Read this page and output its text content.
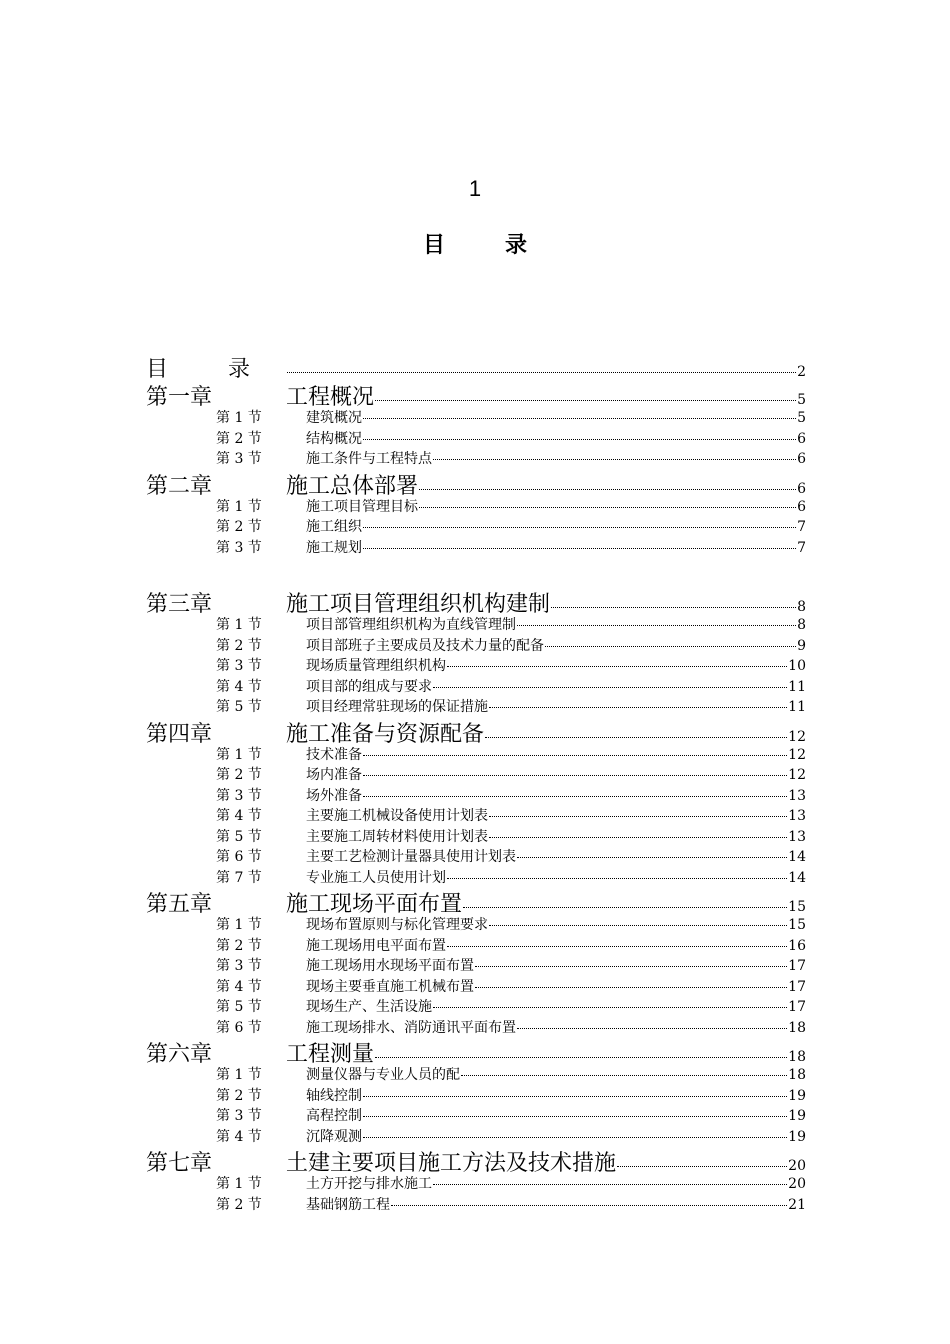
1
目录
目录	2
第一章	工程概况	5
第 1 节	建筑概况	5
第 2 节	结构概况	6
第 3 节	施工条件与工程特点	6
第二章	施工总体部署	6
第 1 节	施工项目管理目标	6
第 2 节	施工组织	7
第 3 节	施工规划	7
第三章	施工项目管理组织机构建制	8
第 1 节	项目部管理组织机构为直线管理制	8
第 2 节	项目部班子主要成员及技术力量的配备	9
第 3 节	现场质量管理组织机构	10
第 4 节	项目部的组成与要求	11
第 5 节	项目经理常驻现场的保证措施	11
第四章	施工准备与资源配备	12
第 1 节	技术准备	12
第 2 节	场内准备	12
第 3 节	场外准备	13
第 4 节	主要施工机械设备使用计划表	13
第 5 节	主要施工周转材料使用计划表	13
第 6 节	主要工艺检测计量器具使用计划表	14
第 7 节	专业施工人员使用计划	14
第五章	施工现场平面布置	15
第 1 节	现场布置原则与标化管理要求	15
第 2 节	施工现场用电平面布置	16
第 3 节	施工现场用水现场平面布置	17
第 4 节	现场主要垂直施工机械布置	17
第 5 节	现场生产、生活设施	17
第 6 节	施工现场排水、消防通讯平面布置	18
第六章	工程测量	18
第 1 节	测量仪器与专业人员的配	18
第 2 节	轴线控制	19
第 3 节	高程控制	19
第 4 节	沉降观测	19
第七章	土建主要项目施工方法及技术措施	20
第 1 节	土方开挖与排水施工	20
第 2 节	基础钢筋工程	21
